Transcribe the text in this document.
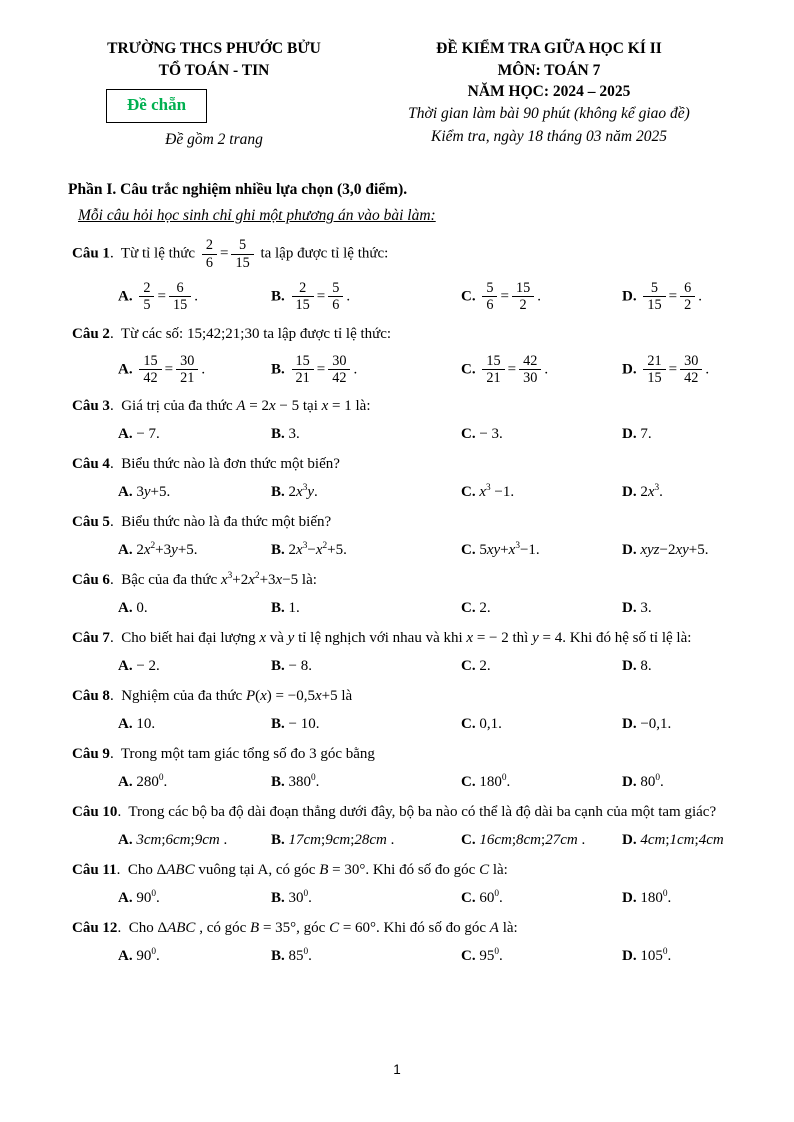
TRƯỜNG THCS PHƯỚC BỬU
TỔ TOÁN - TIN
Đề chẵn
Đề gồm 2 trang
ĐỀ KIỂM TRA GIỮA HỌC KÍ II
MÔN: TOÁN 7
NĂM HỌC: 2024 – 2025
Thời gian làm bài 90 phút (không kể giao đề)
Kiểm tra, ngày 18 tháng 03 năm 2025
Phần I. Câu trắc nghiệm nhiều lựa chọn (3,0 điểm).
Mỗi câu hỏi học sinh chỉ ghi một phương án vào bài làm:
Câu 1.  Từ tỉ lệ thức $\frac{2}{6} = \frac{5}{15}$ ta lập được tỉ lệ thức:
A. $\frac{2}{5} = \frac{6}{15}$ .	B. $\frac{2}{15} = \frac{5}{6}$ .	C. $\frac{5}{6} = \frac{15}{2}$ .	D. $\frac{5}{15} = \frac{6}{2}$ .
Câu 2.  Từ các số: 15;42;21;30 ta lập được tỉ lệ thức:
A. $\frac{15}{42} = \frac{30}{21}$ .	B. $\frac{15}{21} = \frac{30}{42}$ .	C. $\frac{15}{21} = \frac{42}{30}$ .	D. $\frac{21}{15} = \frac{30}{42}$ .
Câu 3.  Giá trị của đa thức A = 2x − 5 tại x = 1 là:
A. − 7.	B. 3.	C. − 3.	D. 7.
Câu 4.  Biểu thức nào là đơn thức một biến?
A. 3y+5.	B. $2x^3y$.	C. $x^3 -1$.	D. $2x^3$.
Câu 5.  Biểu thức nào là đa thức một biến?
A. $2x^2+3y+5$.	B. $2x^3-x^2+5$.	C. $5xy+x^3-1$.	D. xyz−2xy+5.
Câu 6.  Bậc của đa thức $x^3+2x^2+3x-5$ là:
A. 0.	B. 1.	C. 2.	D. 3.
Câu 7.  Cho biết hai đại lượng x và y tỉ lệ nghịch với nhau và khi x = − 2 thì y = 4. Khi đó hệ số tỉ lệ là:
A. − 2.	B. − 8.	C. 2.	D. 8.
Câu 8.  Nghiệm của đa thức P(x) = −0,5x+5 là
A. 10.	B. − 10.	C. 0,1.	D. −0,1.
Câu 9.  Trong một tam giác tổng số đo 3 góc bằng
A. $280^0$.	B. $380^0$.	C. $180^0$.	D. $80^0$.
Câu 10.  Trong các bộ ba độ dài đoạn thẳng dưới đây, bộ ba nào có thể là độ dài ba cạnh của một tam giác?
A. 3cm;6cm;9cm .	B. 17cm;9cm;28cm .	C. 16cm;8cm;27cm .	D. 4cm;1cm;4cm
Câu 11.  Cho ΔABC vuông tại A, có góc B = 30°. Khi đó số đo góc C là:
A. $90^0$.	B. $30^0$.	C. $60^0$.	D. $180^0$.
Câu 12.  Cho ΔABC , có góc B = 35°, góc C = 60°. Khi đó số đo góc A là:
A. $90^0$.	B. $85^0$.	C. $95^0$.	D. $105^0$.
1
